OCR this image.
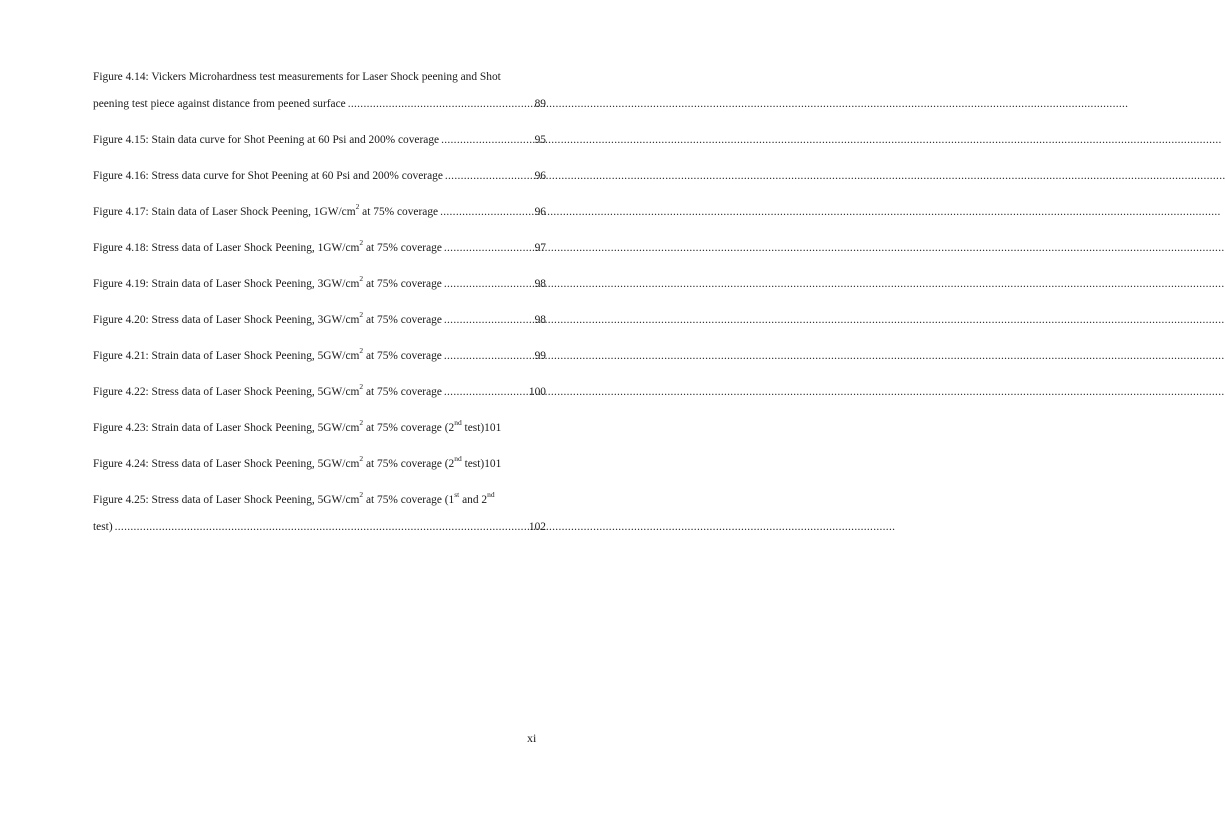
Figure 4.14: Vickers Microhardness test measurements for Laser Shock peening and Shot
peening test piece against distance from peened surface .....	89
Figure 4.15: Stain data curve for Shot Peening at 60 Psi and 200% coverage .....	95
Figure 4.16: Stress data curve for Shot Peening at 60 Psi and 200% coverage .....	96
Figure 4.17: Stain data of Laser Shock Peening, $1GW/cm^2$ at 75% coverage .....	96
Figure 4.18: Stress data of Laser Shock Peening, $1GW/cm^2$ at 75% coverage .....	97
Figure 4.19: Strain data of Laser Shock Peening, $3GW/cm^2$ at 75% coverage .....	98
Figure 4.20: Stress data of Laser Shock Peening, $3GW/cm^2$ at 75% coverage .....	98
Figure 4.21: Strain data of Laser Shock Peening, $5GW/cm^2$ at 75% coverage .....	99
Figure 4.22: Stress data of Laser Shock Peening, $5GW/cm^2$ at 75% coverage .....	100
Figure 4.23: Strain data of Laser Shock Peening, $5GW/cm^2$ at 75% coverage (2nd test) 101
Figure 4.24: Stress data of Laser Shock Peening, $5GW/cm^2$ at 75% coverage (2nd test) 101
Figure 4.25: Stress data of Laser Shock Peening, $5GW/cm^2$ at 75% coverage (1st and 2nd
test) .....	102
xi
